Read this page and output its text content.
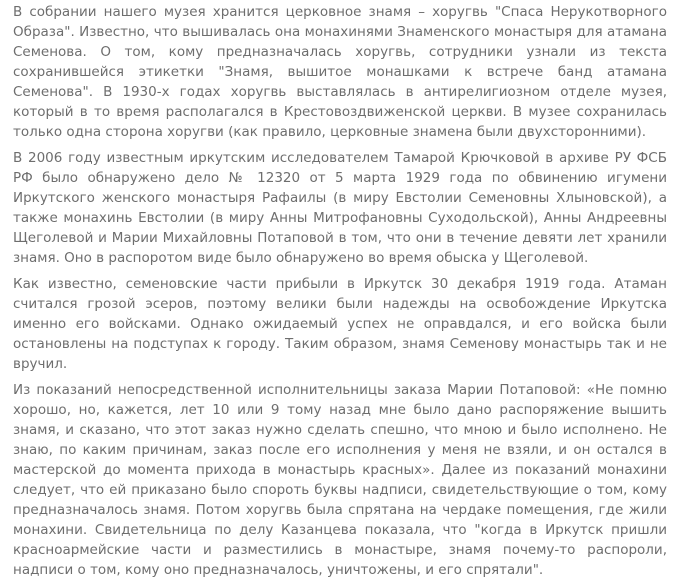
В собрании нашего музея хранится церковное знамя – хоругвь "Спаса Нерукотворного Образа". Известно, что вышивалась она монахинями Знаменского монастыря для атамана Семенова. О том, кому предназначалась хоругвь, сотрудники узнали из текста сохранившейся этикетки "Знамя, вышитое монашками к встрече банд атамана Семенова". В 1930-х годах хоругвь выставлялась в антирелигиозном отделе музея, который в то время располагался в Крестовоздвиженской церкви. В музее сохранилась только одна сторона хоругви (как правило, церковные знамена были двухсторонними).

В 2006 году известным иркутским исследователем Тамарой Крючковой в архиве РУ ФСБ РФ было обнаружено дело № 12320 от 5 марта 1929 года по обвинению игумени Иркутского женского монастыря Рафаилы (в миру Евстолии Семеновны Хлыновской), а также монахинь Евстолии (в миру Анны Митрофановны Суходольской), Анны Андреевны Щеголевой и Марии Михайловны Потаповой в том, что они в течение девяти лет хранили знамя. Оно в распоротом виде было обнаружено во время обыска у Щеголевой.

Как известно, семеновские части прибыли в Иркутск 30 декабря 1919 года. Атаман считался грозой эсеров, поэтому велики были надежды на освобождение Иркутска именно его войсками. Однако ожидаемый успех не оправдался, и его войска были остановлены на подступах к городу. Таким образом, знамя Семенову монастырь так и не вручил.

Из показаний непосредственной исполнительницы заказа Марии Потаповой: «Не помню хорошо, но, кажется, лет 10 или 9 тому назад мне было дано распоряжение вышить знамя, и сказано, что этот заказ нужно сделать спешно, что мною и было исполнено. Не знаю, по каким причинам, заказ после его исполнения у меня не взяли, и он остался в мастерской до момента прихода в монастырь красных». Далее из показаний монахини следует, что ей приказано было спороть буквы надписи, свидетельствующие о том, кому предназначалось знамя. Потом хоругвь была спрятана на чердаке помещения, где жили монахини. Свидетельница по делу Казанцева показала, что "когда в Иркутск пришли красноармейские части и разместились в монастыре, знамя почему-то распороли, надписи о том, кому оно предназначалось, уничтожены, и его спрятали".
